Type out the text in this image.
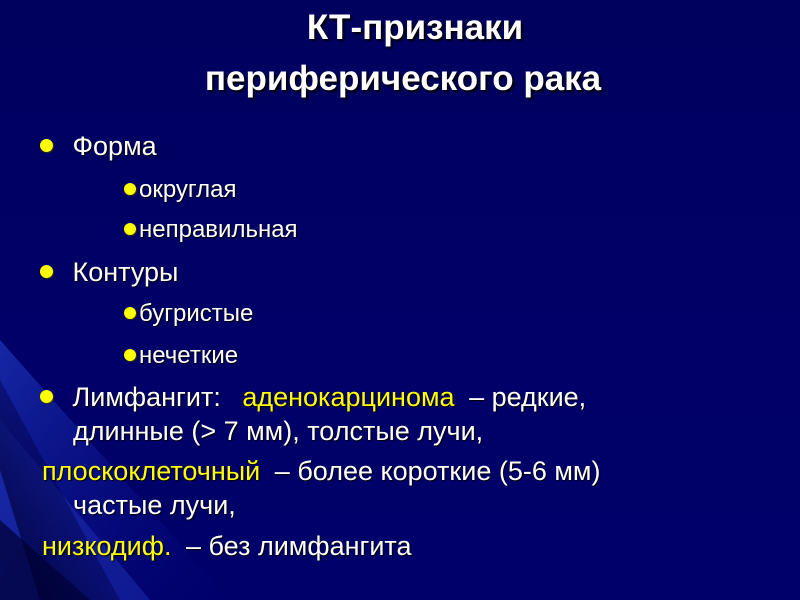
КТ-признаки
периферического рака
Форма
округлая
неправильная
Контуры
бугристые
нечеткие
Лимфангит: аденокарцинома – редкие,
длинные (> 7 мм), толстые лучи,
плоскоклеточный – более короткие (5-6 мм)
частые лучи,
низкодиф. – без лимфангита
